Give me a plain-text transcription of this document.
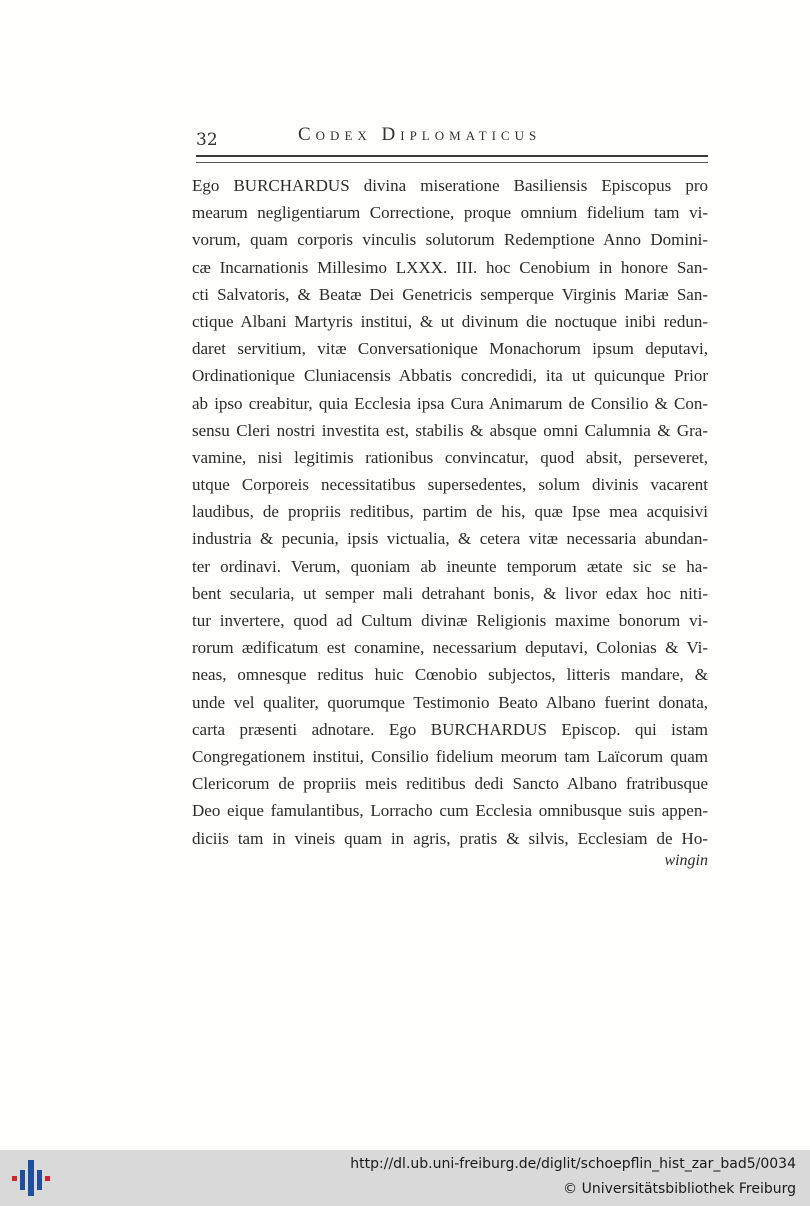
32	Codex Diplomaticus
Ego BURCHARDUS divina miseratione Basiliensis Episcopus pro
mearum negligentiarum Correctione, proque omnium fidelium tam vi-
vorum, quam corporis vinculis solutorum Redemptione Anno Domini-
cæ Incarnationis Millesimo LXXX. III. hoc Cenobium in honore San-
cti Salvatoris, & Beatæ Dei Genetricis semperque Virginis Mariæ San-
ctique Albani Martyris institui, & ut divinum die noctuque inibi redun-
daret servitium, vitæ Conversationique Monachorum ipsum deputavi,
Ordinationique Cluniacensis Abbatis concredidi, ita ut quicunque Prior
ab ipso creabitur, quia Ecclesia ipsa Cura Animarum de Consilio & Con-
sensu Cleri nostri investita est, stabilis & absque omni Calumnia & Gra-
vamine, nisi legitimis rationibus convincatur, quod absit, perseveret,
utque Corporeis necessitatibus supersedentes, solum divinis vacarent
laudibus, de propriis reditibus, partim de his, quæ Ipse mea acquisivi
industria & pecunia, ipsis victualia, & cetera vitæ necessaria abundan-
ter ordinavi. Verum, quoniam ab ineunte temporum ætate sic se ha-
bent secularia, ut semper mali detrahant bonis, & livor edax hoc niti-
tur invertere, quod ad Cultum divinæ Religionis maxime bonorum vi-
rorum ædificatum est conamine, necessarium deputavi, Colonias & Vi-
neas, omnesque reditus huic Cœnobio subjectos, litteris mandare, &
unde vel qualiter, quorumque Testimonio Beato Albano fuerint donata,
carta præsenti adnotare. Ego BURCHARDUS Episcop. qui istam
Congregationem institui, Consilio fidelium meorum tam Laïcorum quam
Clericorum de propriis meis reditibus dedi Sancto Albano fratribusque
Deo eique famulantibus, Lorracho cum Ecclesia omnibusque suis appen-
diciis tam in vineis quam in agris, pratis & silvis, Ecclesiam de Ho-
wingin
http://dl.ub.uni-freiburg.de/diglit/schoepflin_hist_zar_bad5/0034
© Universitätsbibliothek Freiburg
